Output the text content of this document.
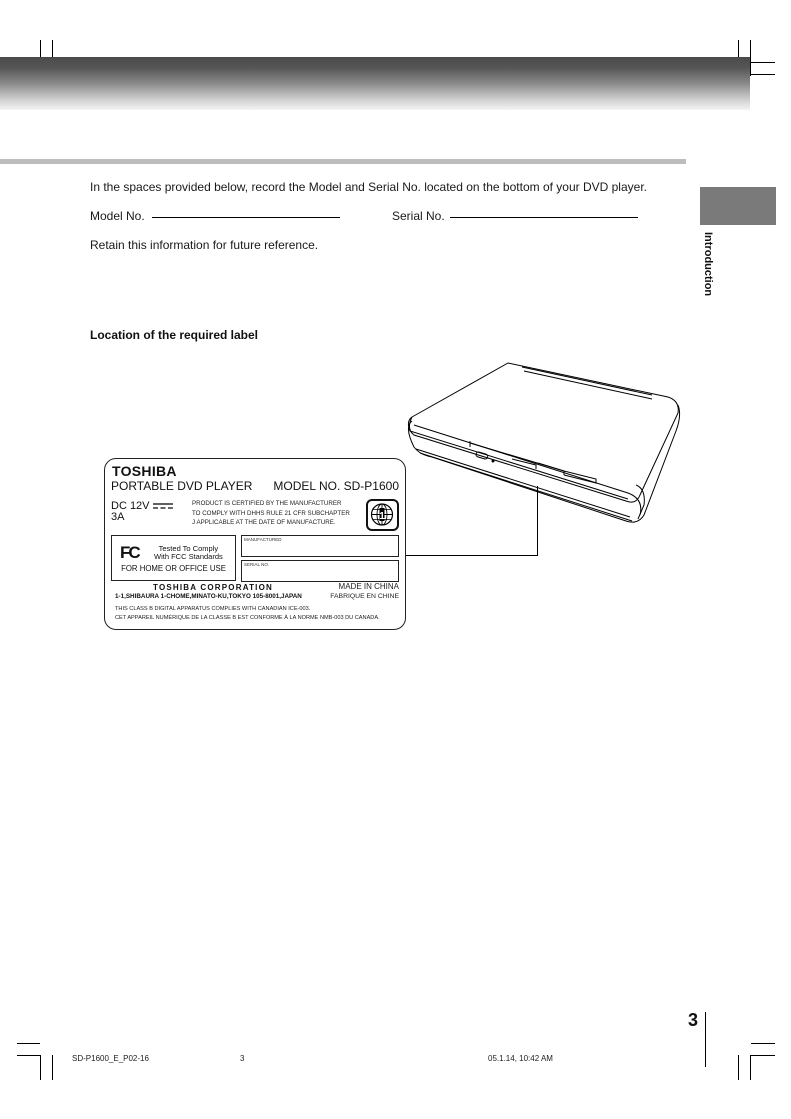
In the spaces provided below, record the Model and Serial No. located on the bottom of your DVD player.
Model No.	Serial No.
Retain this information for future reference.	Introduction
Location of the required label
TOSHIBA
PORTABLE DVD PLAYER MODEL NO. SD-P1600
DC 12V
3A
PRODUCT IS CERTIFIED BY THE MANUFACTURER
TO COMPLY WITH DHHS RULE 21 CFR SUBCHAPTER
J APPLICABLE AT THE DATE OF MANUFACTURE.
1
FC	Tested To Comply
With FCC Standards
FOR HOME OR OFFICE USE
MANUFACTURED
SERIAL NO.
TOSHIBA CORPORATION	MADE IN CHINA
1-1,SHIBAURA 1-CHOME,MINATO-KU,TOKYO 105-8001,JAPAN	FABRIQUE EN CHINE
THIS CLASS B DIGITAL APPARATUS COMPLIES WITH CANADIAN ICE-003.
CET APPAREIL NUMÉRIQUE DE LA CLASSE B EST CONFORME À LA NORME NMB-003 DU CANADA.
3
SD-P1600_E_P02-16	3	05.1.14, 10:42 AM
